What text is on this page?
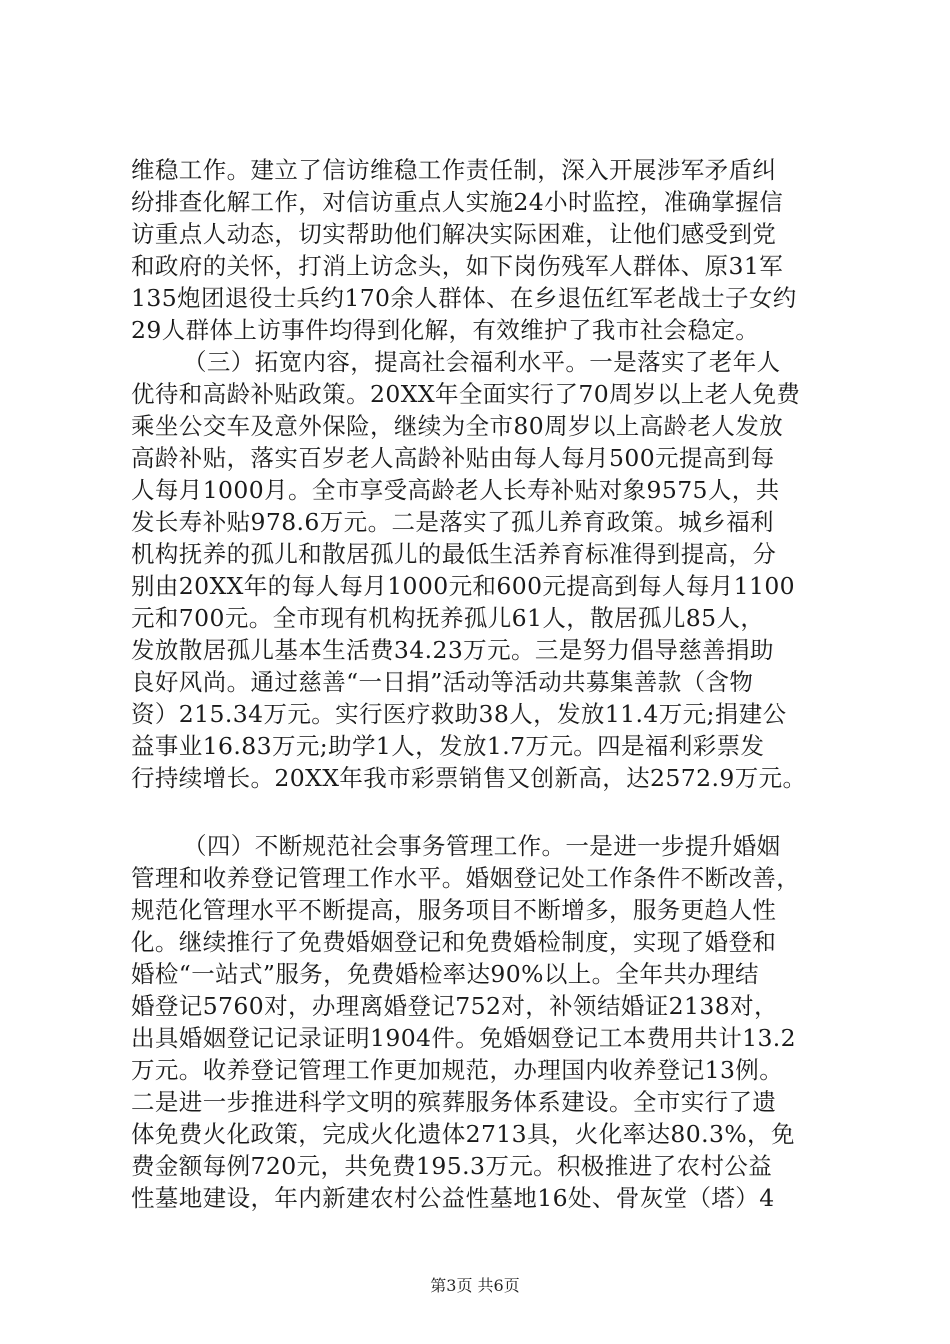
维稳工作。建立了信访维稳工作责任制，深入开展涉军矛盾纠
纷排查化解工作，对信访重点人实施24小时监控，准确掌握信
访重点人动态，切实帮助他们解决实际困难，让他们感受到党
和政府的关怀，打消上访念头，如下岗伤残军人群体、原31军
135炮团退役士兵约170余人群体、在乡退伍红军老战士子女约
29人群体上访事件均得到化解，有效维护了我市社会稳定。
（三）拓宽内容，提高社会福利水平。一是落实了老年人
优待和高龄补贴政策。20XX年全面实行了70周岁以上老人免费
乘坐公交车及意外保险，继续为全市80周岁以上高龄老人发放
高龄补贴，落实百岁老人高龄补贴由每人每月500元提高到每
人每月1000月。全市享受高龄老人长寿补贴对象9575人，共
发长寿补贴978.6万元。二是落实了孤儿养育政策。城乡福利
机构抚养的孤儿和散居孤儿的最低生活养育标准得到提高，分
别由20XX年的每人每月1000元和600元提高到每人每月1100
元和700元。全市现有机构抚养孤儿61人，散居孤儿85人，
发放散居孤儿基本生活费34.23万元。三是努力倡导慈善捐助
良好风尚。通过慈善“一日捐”活动等活动共募集善款（含物
资）215.34万元。实行医疗救助38人，发放11.4万元;捐建公
益事业16.83万元;助学1人，发放1.7万元。四是福利彩票发
行持续增长。20XX年我市彩票销售又创新高，达2572.9万元。
（四）不断规范社会事务管理工作。一是进一步提升婚姻
管理和收养登记管理工作水平。婚姻登记处工作条件不断改善，
规范化管理水平不断提高，服务项目不断增多，服务更趋人性
化。继续推行了免费婚姻登记和免费婚检制度，实现了婚登和
婚检“一站式”服务，免费婚检率达90%以上。全年共办理结
婚登记5760对，办理离婚登记752对，补领结婚证2138对，
出具婚姻登记记录证明1904件。免婚姻登记工本费用共计13.2
万元。收养登记管理工作更加规范，办理国内收养登记13例。
二是进一步推进科学文明的殡葬服务体系建设。全市实行了遗
体免费火化政策，完成火化遗体2713具，火化率达80.3%，免
费金额每例720元，共免费195.3万元。积极推进了农村公益
性墓地建设，年内新建农村公益性墓地16处、骨灰堂（塔）4
第3页 共6页
